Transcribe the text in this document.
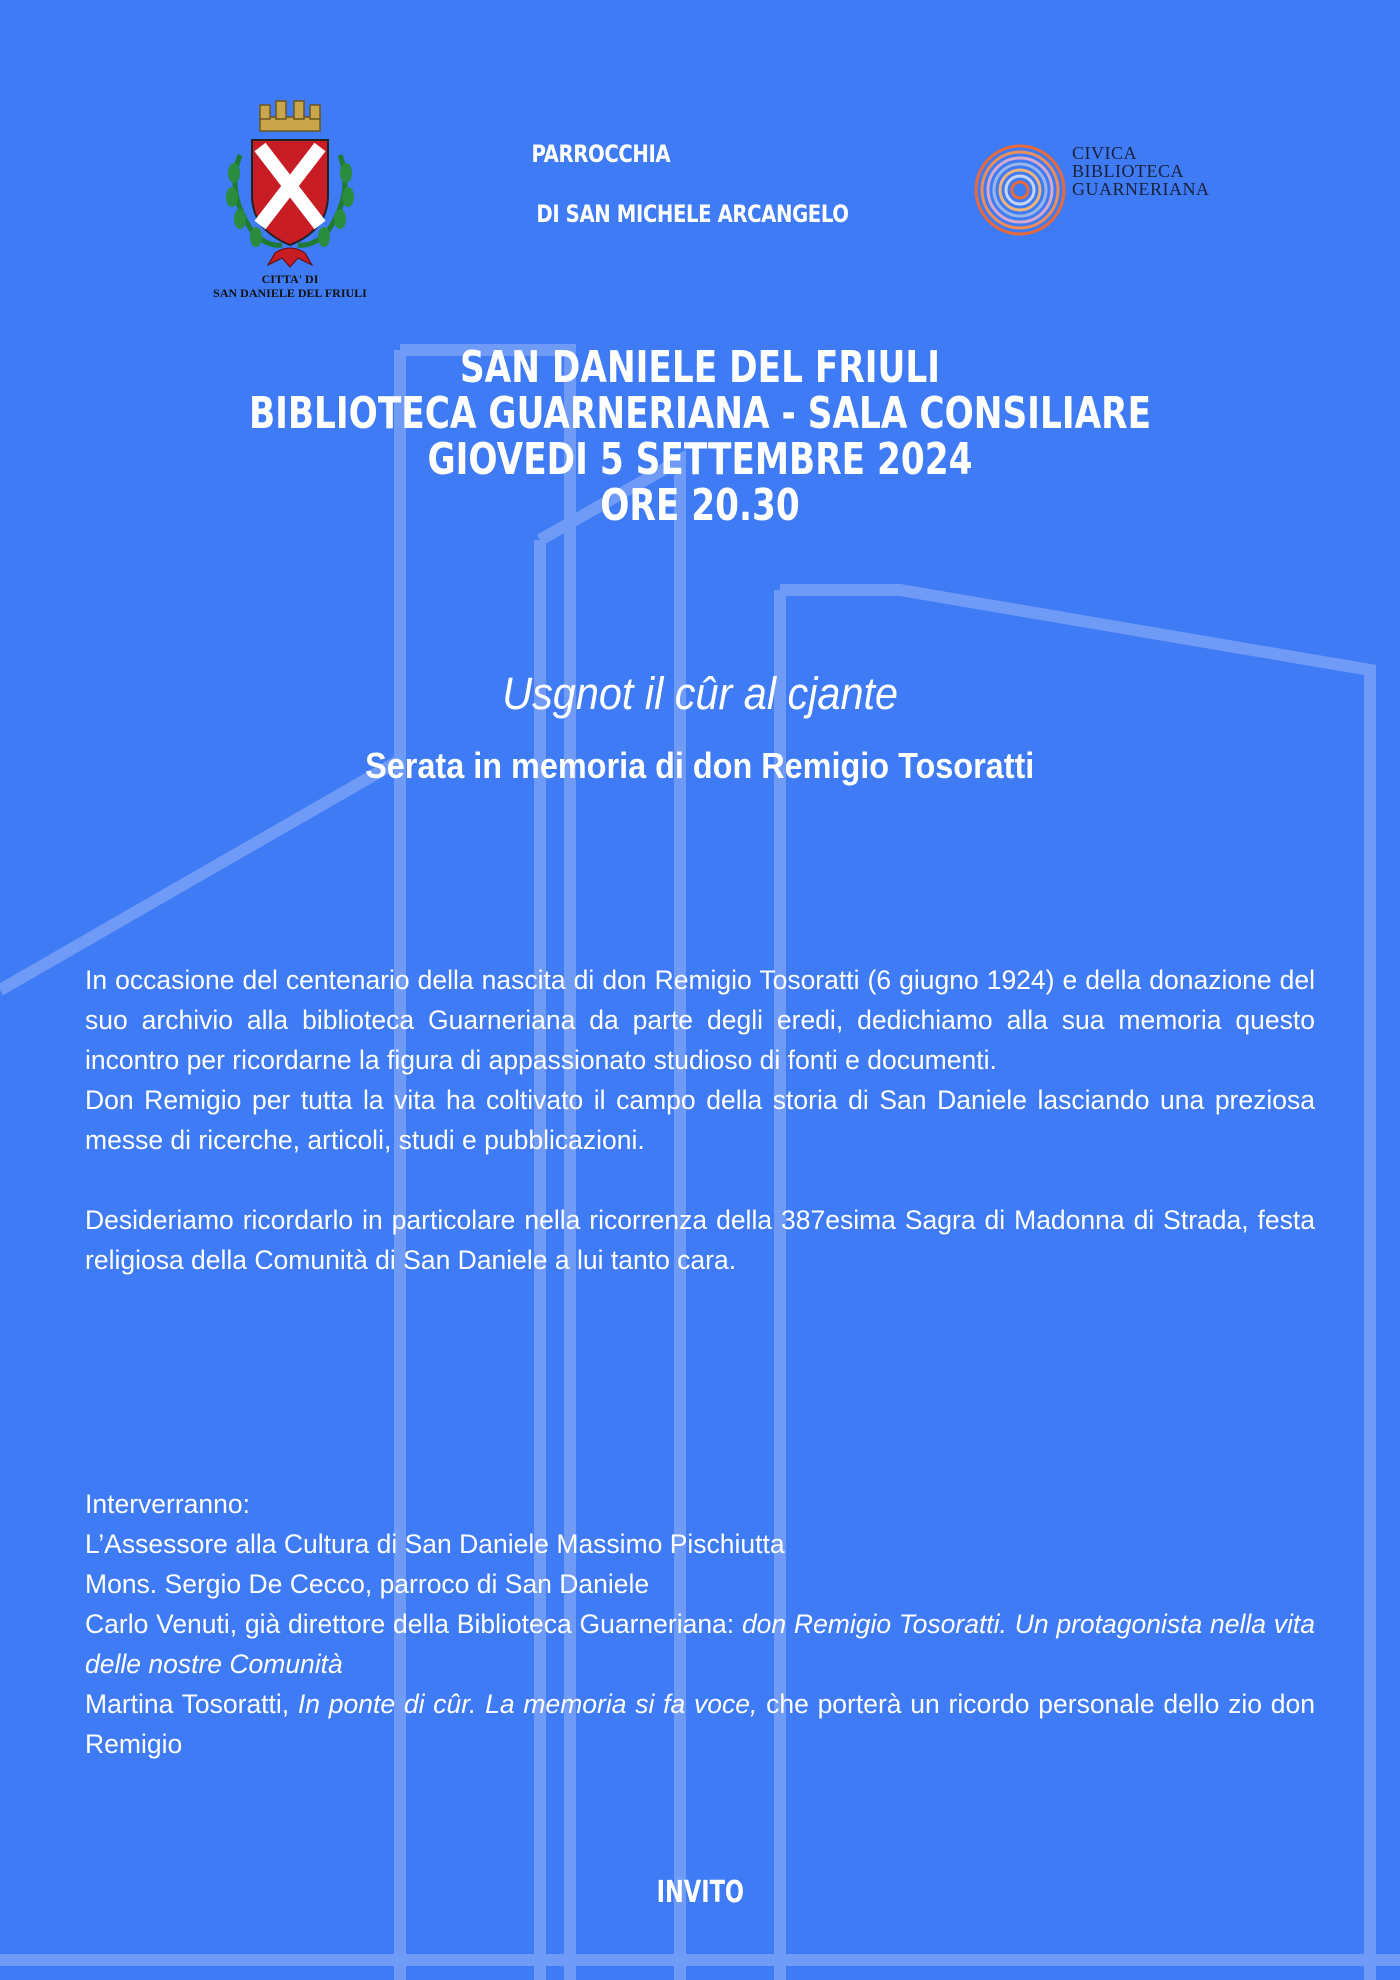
CITTA' DI
SAN DANIELE DEL FRIULI
PARROCCHIA
DI SAN MICHELE ARCANGELO
CIVICA
BIBLIOTECA
GUARNERIANA
SAN DANIELE DEL FRIULI
BIBLIOTECA GUARNERIANA - SALA CONSILIARE
GIOVEDI 5 SETTEMBRE 2024
ORE 20.30
Usgnot il cûr al cjante
Serata in memoria di don Remigio Tosoratti

In occasione del centenario della nascita di don Remigio Tosoratti (6 giugno 1924) e della donazione del suo archivio alla biblioteca Guarneriana da parte degli eredi, dedichiamo alla sua memoria questo incontro per ricordarne la figura di appassionato studioso di fonti e documenti.

Don Remigio per tutta la vita ha coltivato il campo della storia di San Daniele lasciando una preziosa messe di ricerche, articoli, studi e pubblicazioni.

Desideriamo ricordarlo in particolare nella ricorrenza della 387esima Sagra di Madonna di Strada, festa religiosa della Comunità di San Daniele a lui tanto cara.

Interverranno:

L’Assessore alla Cultura di San Daniele Massimo Pischiutta

Mons. Sergio De Cecco, parroco di San Daniele

Carlo Venuti, già direttore della Biblioteca Guarneriana: don Remigio Tosoratti. Un protagonista nella vita delle nostre Comunità

Martina Tosoratti, In ponte di cûr. La memoria si fa voce, che porterà un ricordo personale dello zio don Remigio

INVITO
